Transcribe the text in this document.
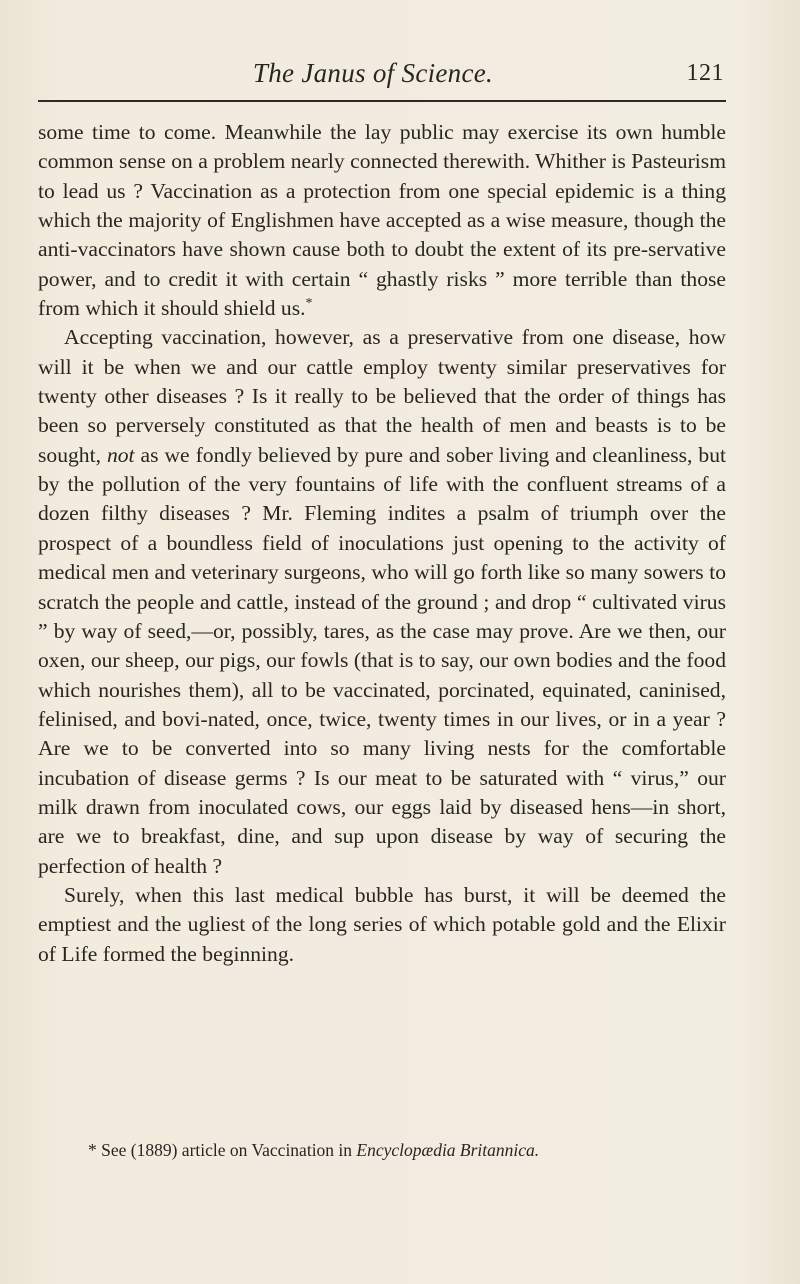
The Janus of Science.	121

some time to come. Meanwhile the lay public may exercise its own humble common sense on a problem nearly connected therewith. Whither is Pasteurism to lead us ? Vaccination as a protection from one special epidemic is a thing which the majority of Englishmen have accepted as a wise measure, though the anti-vaccinators have shown cause both to doubt the extent of its pre-servative power, and to credit it with certain “ ghastly risks ” more terrible than those from which it should shield us.*

Accepting vaccination, however, as a preservative from one disease, how will it be when we and our cattle employ twenty similar preservatives for twenty other diseases ? Is it really to be believed that the order of things has been so perversely constituted as that the health of men and beasts is to be sought, not as we fondly believed by pure and sober living and cleanliness, but by the pollution of the very fountains of life with the confluent streams of a dozen filthy diseases ? Mr. Fleming indites a psalm of triumph over the prospect of a boundless field of inoculations just opening to the activity of medical men and veterinary surgeons, who will go forth like so many sowers to scratch the people and cattle, instead of the ground ; and drop “ cultivated virus ” by way of seed,—or, possibly, tares, as the case may prove. Are we then, our oxen, our sheep, our pigs, our fowls (that is to say, our own bodies and the food which nourishes them), all to be vaccinated, porcinated, equinated, caninised, felinised, and bovi-nated, once, twice, twenty times in our lives, or in a year ? Are we to be converted into so many living nests for the comfortable incubation of disease germs ? Is our meat to be saturated with “ virus,” our milk drawn from inoculated cows, our eggs laid by diseased hens—in short, are we to breakfast, dine, and sup upon disease by way of securing the perfection of health ?

Surely, when this last medical bubble has burst, it will be deemed the emptiest and the ugliest of the long series of which potable gold and the Elixir of Life formed the beginning.

* See (1889) article on Vaccination in Encyclopædia Britannica.
